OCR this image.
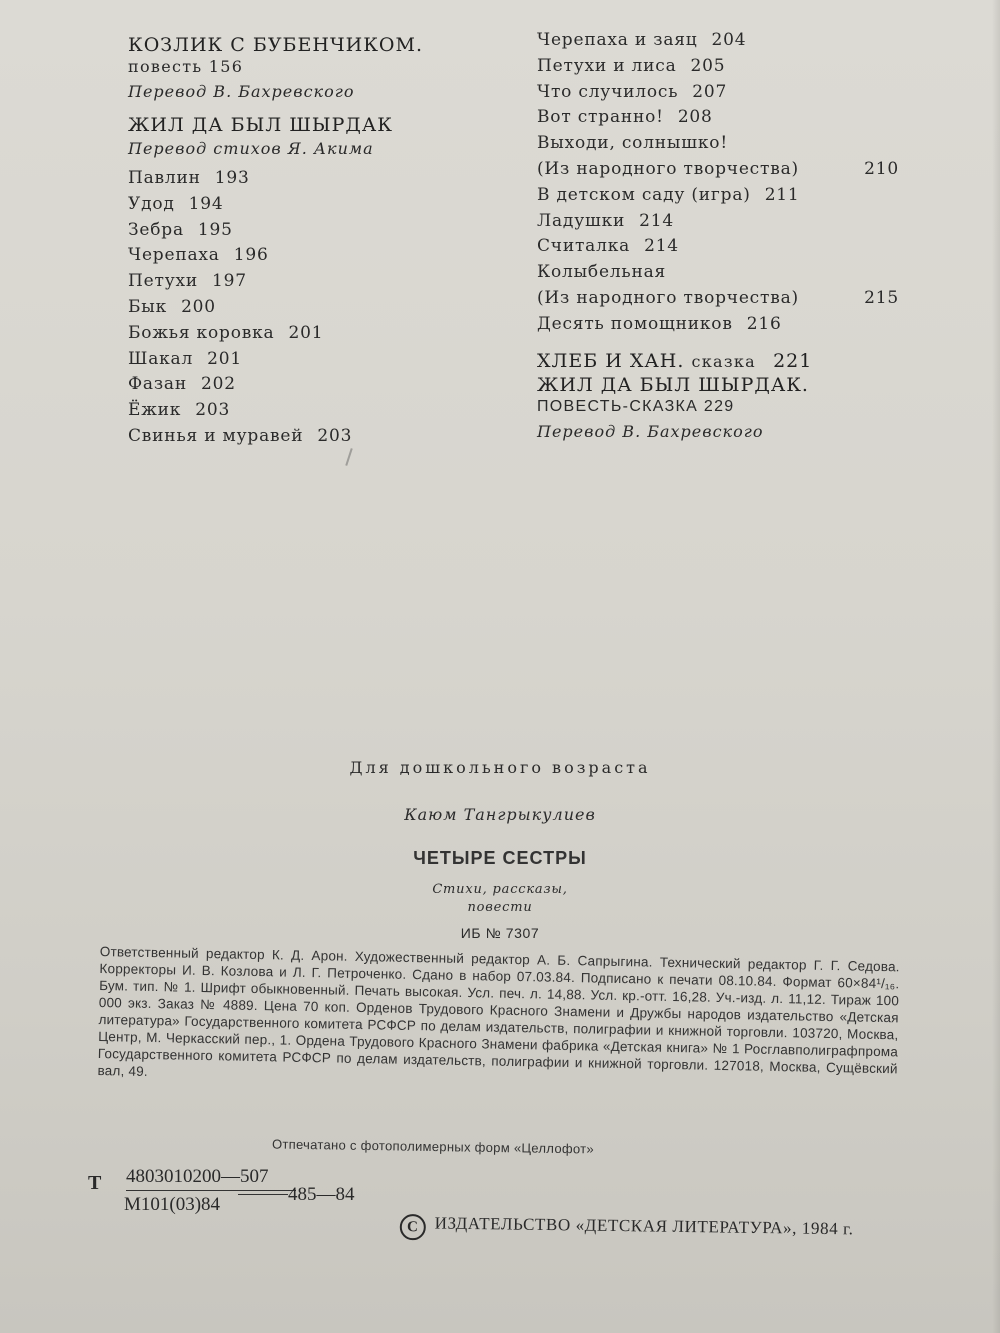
КОЗЛИК С БУБЕНЧИКОМ.
повесть 156
Перевод В. Бахревского
ЖИЛ ДА БЫЛ ШЫРДАК
Перевод стихов Я. Акима
Павлин 193
Удод 194
Зебра 195
Черепаха 196
Петухи 197
Бык 200
Божья коровка 201
Шакал 201
Фазан 202
Ёжик 203
Свинья и муравей 203
Черепаха и заяц 204
Петухи и лиса 205
Что случилось 207
Вот странно! 208
Выходи, солнышко!
(Из народного творчества)	210
В детском саду (игра) 211
Ладушки 214
Считалка 214
Колыбельная
(Из народного творчества)	215
Десять помощников 216
ХЛЕБ И ХАН. сказка 221
ЖИЛ ДА БЫЛ ШЫРДАК.
ПОВЕСТЬ-СКАЗКА 229
Перевод В. Бахревского
Для дошкольного возраста
Каюм Тангрыкулиев
ЧЕТЫРЕ СЕСТРЫ
Стихи, рассказы,
повести
ИБ № 7307

Ответственный редактор К. Д. Арон. Художественный редактор А. Б. Сапрыгина. Технический редактор Г. Г. Седова. Корректоры И. В. Козлова и Л. Г. Петроченко. Сдано в набор 07.03.84. Подписано к печати 08.10.84. Формат 60×84¹/₁₆. Бум. тип. № 1. Шрифт обыкновенный. Печать высокая. Усл. печ. л. 14,88. Усл. кр.-отт. 16,28. Уч.-изд. л. 11,12. Тираж 100 000 экз. Заказ № 4889. Цена 70 коп. Орденов Трудового Красного Знамени и Дружбы народов издательство «Детская литература» Государственного комитета РСФСР по делам издательств, полиграфии и книжной торговли. 103720, Москва, Центр, М. Черкасский пер., 1. Ордена Трудового Красного Знамени фабрика «Детская книга» № 1 Росглавполиграфпрома Государственного комитета РСФСР по делам издательств, полиграфии и книжной торговли. 127018, Москва, Сущёвский вал, 49.

Отпечатано с фотополимерных форм «Целлофот»
Т 4803010200—507
М101(03)84	485—84
C ИЗДАТЕЛЬСТВО «ДЕТСКАЯ ЛИТЕРАТУРА», 1984 г.
